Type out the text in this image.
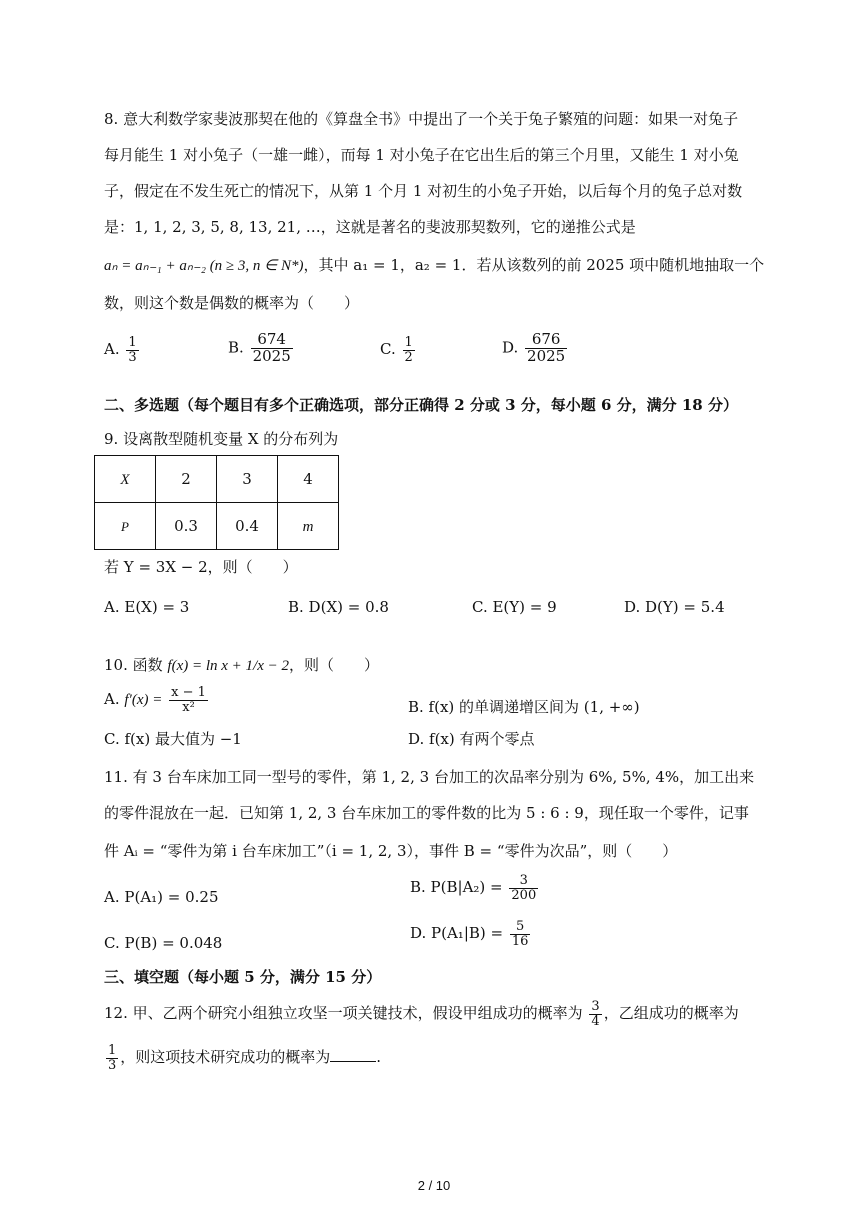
8. 意大利数学家斐波那契在他的《算盘全书》中提出了一个关于兔子繁殖的问题：如果一对兔子
每月能生 1 对小兔子（一雄一雌），而每 1 对小兔子在它出生后的第三个月里，又能生 1 对小兔
子，假定在不发生死亡的情况下，从第 1 个月 1 对初生的小兔子开始，以后每个月的兔子总对数
是：1, 1, 2, 3, 5, 8, 13, 21, …，这就是著名的斐波那契数列，它的递推公式是
aₙ = aₙ₋₁ + aₙ₋₂ (n ≥ 3, n ∈ N*)，其中 a₁ = 1，a₂ = 1．若从该数列的前 2025 项中随机地抽取一个
数，则这个数是偶数的概率为（　　）
A. $\frac{1}{3}$	B. $\frac{674}{2025}$	C. $\frac{1}{2}$	D. $\frac{676}{2025}$
二、多选题（每个题目有多个正确选项，部分正确得 2 分或 3 分，每小题 6 分，满分 18 分）
9. 设离散型随机变量 X 的分布列为
X	2	3	4
P	0.3	0.4	m
若 Y = 3X − 2，则（　　）
A. E(X) = 3	B. D(X) = 0.8	C. E(Y) = 9	D. D(Y) = 5.4
10. 函数 f(x) = ln x + 1/x − 2，则（　　）
A. $f'(x) = \frac{x - 1}{\text{x²}}$	B. f(x) 的单调递增区间为 (1, +∞)
C. f(x) 最大值为 −1	D. f(x) 有两个零点
11. 有 3 台车床加工同一型号的零件，第 1, 2, 3 台加工的次品率分别为 6%, 5%, 4%，加工出来
的零件混放在一起．已知第 1, 2, 3 台车床加工的零件数的比为 5 : 6 : 9，现任取一个零件，记事
件 Aᵢ = “零件为第 i 台车床加工”（i = 1, 2, 3），事件 B = “零件为次品”，则（　　）
A. P(A₁) = 0.25
B. $P(B|A_2) = \frac{3}{200}$
C. P(B) = 0.048
D. $P(A_1|B) = \frac{5}{16}$
三、填空题（每小题 5 分，满分 15 分）
12. 甲、乙两个研究小组独立攻坚一项关键技术，假设甲组成功的概率为 $\frac{3}{4}$ ，乙组成功的概率为
$\frac{1}{3}$ ，则这项技术研究成功的概率为	.
2 / 10
